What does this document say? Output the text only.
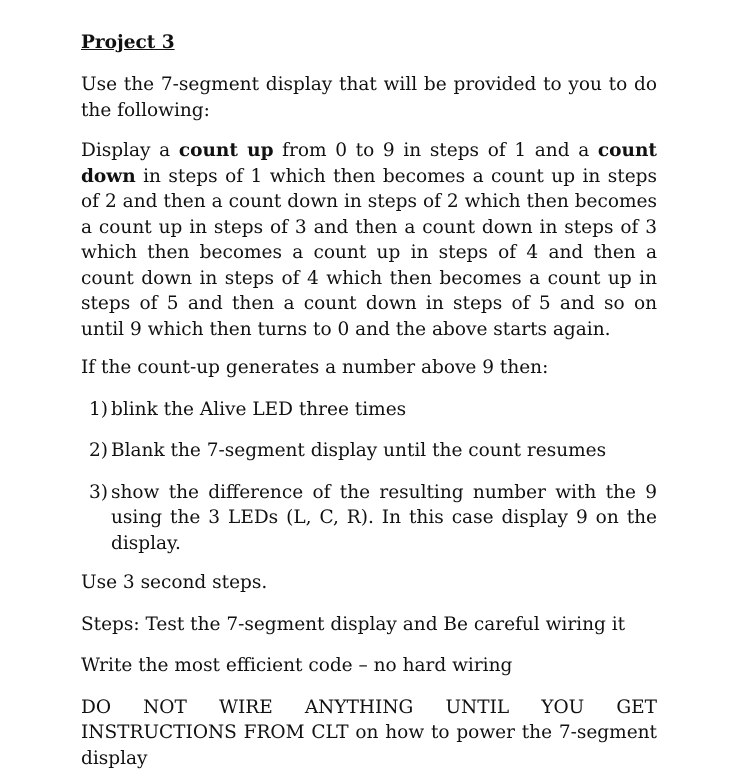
Project 3

Use the 7-segment display that will be provided to you to do the following:

Display a count up from 0 to 9 in steps of 1 and a count down in steps of 1 which then becomes a count up in steps of 2 and then a count down in steps of 2 which then becomes a count up in steps of 3 and then a count down in steps of 3 which then becomes a count up in steps of 4 and then a count down in steps of 4 which then becomes a count up in steps of 5 and then a count down in steps of 5 and so on until 9 which then turns to 0 and the above starts again.

If the count-up generates a number above 9 then:

1) blink the Alive LED three times
2) Blank the 7-segment display until the count resumes
3) show the difference of the resulting number with the 9 using the 3 LEDs (L, C, R). In this case display 9 on the display.

Use 3 second steps.

Steps: Test the 7-segment display and Be careful wiring it

Write the most efficient code – no hard wiring

DO NOT WIRE ANYTHING UNTIL YOU GET INSTRUCTIONS FROM CLT on how to power the 7-segment display
